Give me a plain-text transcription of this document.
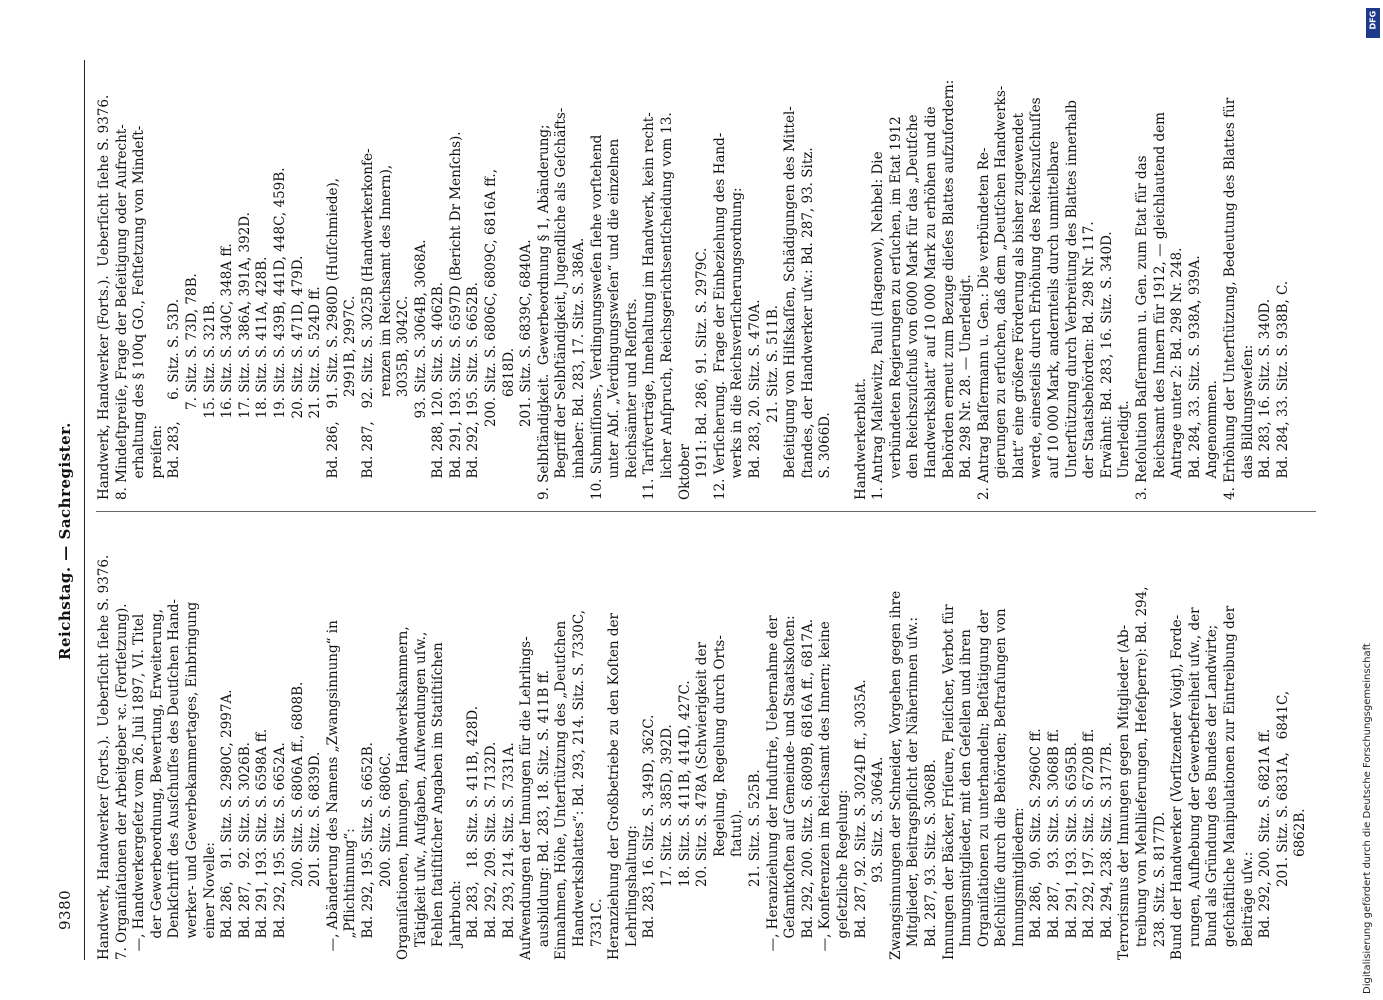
9380
Reichstag. — Sachregister.
Handwerk, Handwerker (Forts.).  Ueberſicht ſiehe S. 9376.
7. Organiſationen der Arbeitgeber ꝛc. (Fortſetzung).
—, Handwerkergeſetz vom 26. Juli 1897, VI. Titel
der Gewerbeordnung, Bewertung, Erweiterung,
Denkſchrift des Ausſchuſſes des Deutſchen Hand-
werker- und Gewerbekammertages, Einbringung
einer Novelle:
Bd. 286,   91. Sitz. S. 2980C, 2997A.
Bd. 287,   92. Sitz. S. 3026B.
Bd. 291, 193. Sitz. S. 6598A ff.
Bd. 292, 195. Sitz. S. 6652A.
200. Sitz. S. 6806A ff., 6808B.
201. Sitz. S. 6839D.
—, Abänderung des Namens „Zwangsinnung“ in
„Pflichtinnung“:
Bd. 292, 195. Sitz. S. 6652B.
200. Sitz. S. 6806C.
Organiſationen, Innungen, Handwerkskammern,
Tätigkeit uſw., Aufgaben, Aufwendungen uſw.,
Fehlen ſtatiſtiſcher Angaben im Statiſtiſchen
Jahrbuch:
Bd. 283,   18. Sitz. S. 411B, 428D.
Bd. 292, 209. Sitz. S. 7132D.
Bd. 293, 214. Sitz. S. 7331A.
Aufwendungen der Innungen für die Lehrlings-
ausbildung: Bd. 283, 18. Sitz. S. 411B ff.
Einnahmen, Höhe, Unterſtützung des „Deutſchen
Handwerksblattes“: Bd. 293, 214. Sitz. S. 7330C,
7331C.
Heranziehung der Großbetriebe zu den Koſten der
Lehrlingshaltung:
Bd. 283, 16. Sitz. S. 349D, 362C.
17. Sitz. S. 385D, 392D.
18. Sitz. S. 411B, 414D, 427C.
20. Sitz. S. 478A (Schwierigkeit der
Regelung, Regelung durch Orts-
ſtatut).
21. Sitz. S. 525B.
—, Heranziehung der Induſtrie, Uebernahme der
Geſamtkoſten auf Gemeinde- und Staatskoſten:
Bd. 292, 200. Sitz. S. 6809B, 6816A ff., 6817A.
—, Konferenzen im Reichsamt des Innern; keine
geſetzliche Regelung:
Bd. 287, 92. Sitz. S. 3024D ff., 3035A.
93. Sitz. S. 3064A.
Zwangsinnungen der Schneider, Vorgehen gegen ihre
Mitglieder, Beitragspflicht der Näherinnen uſw.:
Bd. 287, 93. Sitz. S. 3068B.
Innungen der Bäcker, Friſeure, Fleiſcher, Verbot für
Innungsmitglieder, mit den Geſellen und ihren
Organiſationen zu unterhandeln; Beſtätigung der
Beſchlüſſe durch die Behörden; Beſtrafungen von
Innungsmitgliedern:
Bd. 286,   90. Sitz. S. 2960C ff.
Bd. 287,   93. Sitz. S. 3068B ff.
Bd. 291, 193. Sitz. S. 6595B.
Bd. 292, 197. Sitz. S. 6720B ff.
Bd. 294, 238. Sitz. S. 3177B.
Terrorismus der Innungen gegen Mitglieder (Ab-
treibung von Mehllieferungen, Hefeſperre): Bd. 294,
238. Sitz. S. 8177D.
Bund der Handwerker (Vorſitzender Voigt), Forde-
rungen, Aufhebung der Gewerbefreiheit uſw., der
Bund als Gründung des Bundes der Landwirte;
geſchäftliche Manipulationen zur Eintreibung der
Beiträge uſw.:
Bd. 292, 200. Sitz. S. 6821A ff.
201. Sitz. S. 6831A,   6841C,
6862B.
Handwerk, Handwerker (Forts.).  Ueberſicht ſiehe S. 9376.
8. Mindeſtpreiſe, Frage der Beſeitigung oder Aufrecht-
erhaltung des § 100q GO., Feſtſetzung von Mindeſt-
preiſen:
Bd. 283,     6. Sitz. S. 53D.
7. Sitz. S. 73D, 78B.
15. Sitz. S. 321B.
16. Sitz. S. 340C, 348A ff.
17. Sitz. S. 386A, 391A, 392D.
18. Sitz. S. 411A, 428B.
19. Sitz. S. 439B, 441D, 448C, 459B.
20. Sitz. S. 471D, 479D.
21. Sitz. S. 524D ff.
Bd. 286,   91. Sitz. S. 2980D (Huſſchmiede),
2991B, 2997C.
Bd. 287,   92. Sitz. S. 3025B (Handwerkerkonfe-
renzen im Reichsamt des Innern),
3035B, 3042C.
93. Sitz. S. 3064B, 3068A.
Bd. 288, 120. Sitz. S. 4062B.
Bd. 291, 193. Sitz. S. 6597D (Bericht Dr Menſchs).
Bd. 292, 195. Sitz. S. 6652B.
200. Sitz. S. 6806C, 6809C, 6816A ff.,
6818D.
201. Sitz. S. 6839C, 6840A.
9. Selbſtändigkeit.  Gewerbeordnung § 1, Abänderung;
Begriff der Selbſtändigkeit, Jugendliche als Geſchäfts-
inhaber: Bd. 283, 17. Sitz. S. 386A.
10. Submiſſions-, Verdingungsweſen ſiehe vorſtehend
unter Abſ. „Verdingungsweſen“ und die einzelnen
Reichsämter und Reſſorts.
11. Tarifverträge, Innehaltung im Handwerk, kein recht-
licher Anſpruch, Reichsgerichtsentſcheidung vom 13. Oktober
1911: Bd. 286, 91. Sitz. S. 2979C.
12. Verſicherung.  Frage der Einbeziehung des Hand-
werks in die Reichsverſicherungsordnung:
Bd. 283, 20. Sitz. S. 470A.
21. Sitz. S. 511B.
Beſeitigung von Hilfskaſſen, Schädigungen des Mittel-
ſtandes, der Handwerker uſw.: Bd. 287, 93. Sitz.
S. 3066D.

Handwerkerblatt.
1. Antrag Maltewitz, Pauli (Hagenow), Nehbel: Die
verbündeten Regierungen zu erſuchen, im Etat 1912
den Reichszuſchuß von 6000 Mark für das „Deutſche
Handwerksblatt“ auf 10 000 Mark zu erhöhen und die
Behörden erneut zum Bezuge dieſes Blattes aufzufordern:
Bd. 298 Nr. 28. — Unerledigt.
2. Antrag Baſſermann u. Gen.: Die verbündeten Re-
gierungen zu erſuchen, daß dem „Deutſchen Handwerks-
blatt“ eine größere Förderung als bisher zugewendet
werde, einesteils durch Erhöhung des Reichszuſchuſſes
auf 10 000 Mark, andernteils durch unmittelbare
Unterſtützung durch Verbreitung des Blattes innerhalb
der Staatsbehörden: Bd. 298 Nr. 117.
Erwähnt: Bd. 283, 16. Sitz. S. 340D.
Unerledigt.
3. Reſolution Baſſermann u. Gen. zum Etat für das
Reichsamt des Innern für 1912, — gleichlautend dem
Antrage unter 2: Bd. 298 Nr. 248.
Bd. 284, 33. Sitz. S. 938A, 939A.
Angenommen.
4. Erhöhung der Unterſtützung, Bedeutung des Blattes für
das Bildungsweſen:
Bd. 283, 16. Sitz. S. 340D.
Bd. 284, 33. Sitz. S. 938B, C.
Digitalisierung gefördert durch die Deutsche Forschungsgemeinschaft
DFG
